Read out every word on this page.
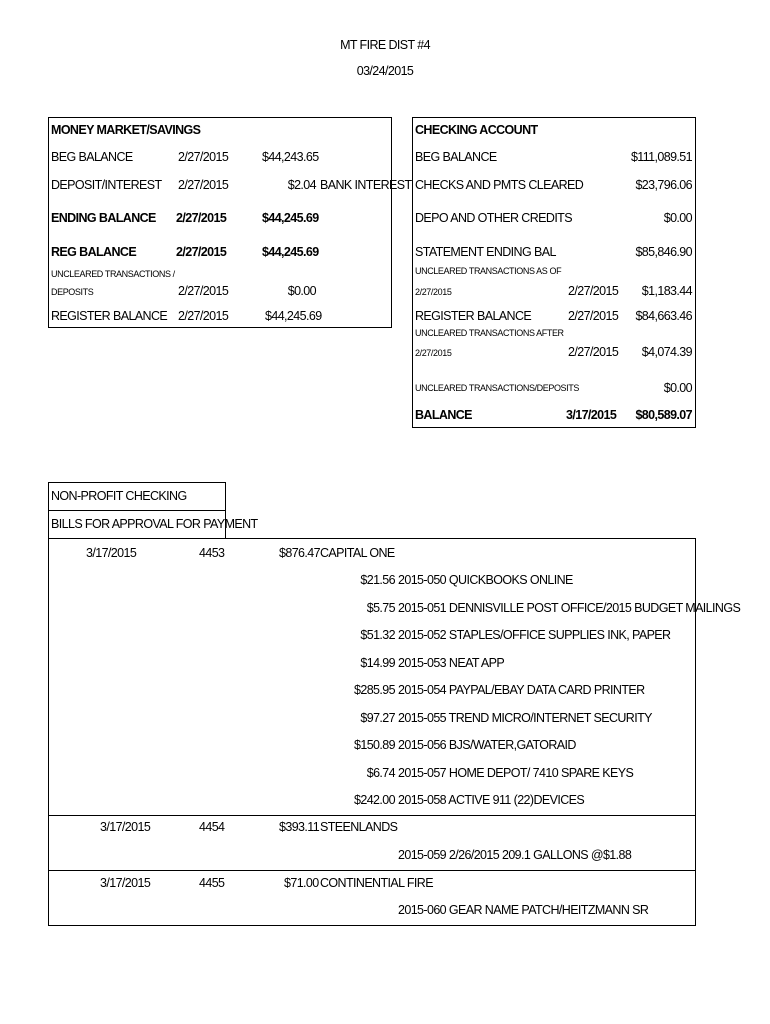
MT FIRE DIST #4
03/24/2015
MONEY MARKET/SAVINGS
BEG BALANCE	2/27/2015	$44,243.65
DEPOSIT/INTEREST 2/27/2015	$2.04 BANK INTEREST
ENDING BALANCE 2/27/2015	$44,245.69
REG BALANCE	2/27/2015	$44,245.69
UNCLEARED TRANSACTIONS /
DEPOSITS	2/27/2015	$0.00
REGISTER BALANCE 2/27/2015	$44,245.69
CHECKING ACCOUNT
BEG BALANCE	$111,089.51
CHECKS AND PMTS CLEARED	$23,796.06
DEPO AND OTHER CREDITS	$0.00
STATEMENT ENDING BAL	$85,846.90
UNCLEARED TRANSACTIONS AS OF
2/27/2015	2/27/2015	$1,183.44
REGISTER BALANCE	2/27/2015	$84,663.46
UNCLEARED TRANSACTIONS AFTER
2/27/2015	2/27/2015	$4,074.39
UNCLEARED TRANSACTIONS/DEPOSITS	$0.00
BALANCE	3/17/2015	$80,589.07
NON-PROFIT CHECKING
BILLS FOR APPROVAL FOR PAYMENT
3/17/2015	4453	$876.47 CAPITAL ONE
$21.56 2015-050 QUICKBOOKS ONLINE
$5.75 2015-051 DENNISVILLE POST OFFICE/2015 BUDGET MAILINGS
$51.32 2015-052 STAPLES/OFFICE SUPPLIES INK, PAPER
$14.99 2015-053 NEAT APP
$285.95 2015-054 PAYPAL/EBAY DATA CARD PRINTER
$97.27 2015-055 TREND MICRO/INTERNET SECURITY
$150.89 2015-056 BJS/WATER,GATORAID
$6.74 2015-057 HOME DEPOT/ 7410 SPARE KEYS
$242.00 2015-058 ACTIVE 911 (22)DEVICES
3/17/2015	4454	$393.11 STEENLANDS
2015-059 2/26/2015 209.1 GALLONS @$1.88
3/17/2015	4455	$71.00 CONTINENTIAL FIRE
2015-060 GEAR NAME PATCH/HEITZMANN SR
